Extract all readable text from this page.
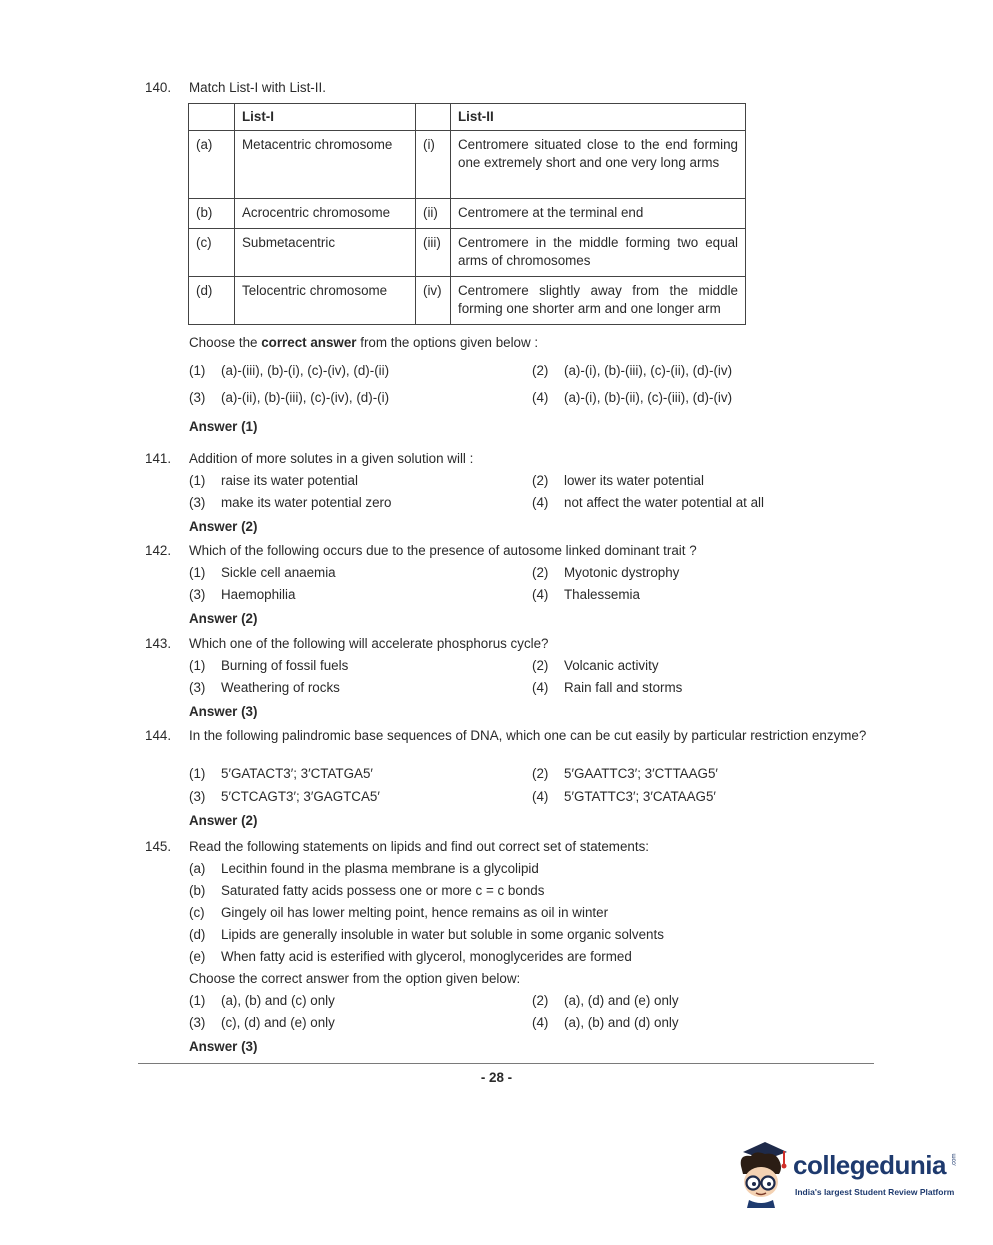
140.	Match List-I with List-II.
	List-I		List-II
(a)	Metacentric chromosome	(i)	Centromere situated close to the end forming one extremely short and one very long arms
(b)	Acrocentric chromosome	(ii)	Centromere at the terminal end
(c)	Submetacentric	(iii)	Centromere in the middle forming two equal arms of chromosomes
(d)	Telocentric chromosome	(iv)	Centromere slightly away from the middle forming one shorter arm and one longer arm
Choose the correct answer from the options given below :
(1) (a)-(iii), (b)-(i), (c)-(iv), (d)-(ii)	(2) (a)-(i), (b)-(iii), (c)-(ii), (d)-(iv)
(3) (a)-(ii), (b)-(iii), (c)-(iv), (d)-(i)	(4) (a)-(i), (b)-(ii), (c)-(iii), (d)-(iv)
Answer (1)
141.	Addition of more solutes in a given solution will :
(1) raise its water potential	(2) lower its water potential
(3) make its water potential zero	(4) not affect the water potential at all
Answer (2)
142.	Which of the following occurs due to the presence of autosome linked dominant trait ?
(1) Sickle cell anaemia	(2) Myotonic dystrophy
(3) Haemophilia	(4) Thalessemia
Answer (2)
143.	Which one of the following will accelerate phosphorus cycle?
(1) Burning of fossil fuels	(2) Volcanic activity
(3) Weathering of rocks	(4) Rain fall and storms
Answer (3)
144.	In the following palindromic base sequences of DNA, which one can be cut easily by particular restriction enzyme?
(1) 5′GATACT3′; 3′CTATGA5′	(2) 5′GAATTC3′; 3′CTTAAG5′
(3) 5′CTCAGT3′; 3′GAGTCA5′	(4) 5′GTATTC3′; 3′CATAAG5′
Answer (2)
145.	Read the following statements on lipids and find out correct set of statements:
(a) Lecithin found in the plasma membrane is a glycolipid
(b) Saturated fatty acids possess one or more c = c bonds
(c) Gingely oil has lower melting point, hence remains as oil in winter
(d) Lipids are generally insoluble in water but soluble in some organic solvents
(e) When fatty acid is esterified with glycerol, monoglycerides are formed
Choose the correct answer from the option given below:
(1) (a), (b) and (c) only	(2) (a), (d) and (e) only
(3) (c), (d) and (e) only	(4) (a), (b) and (d) only
Answer (3)
- 28 -
collegedunia .com
India's largest Student Review Platform
